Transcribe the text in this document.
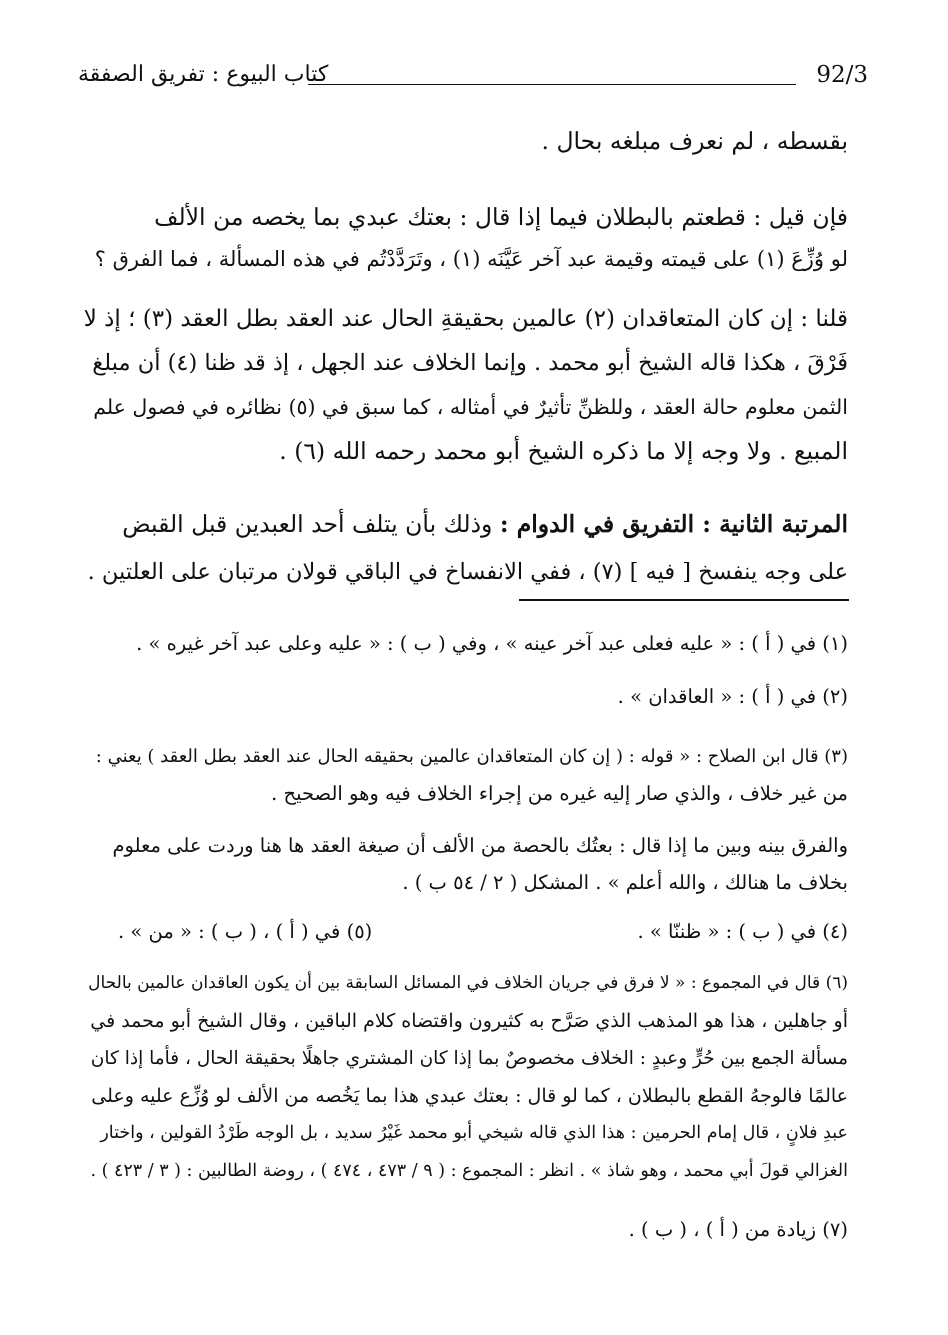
92/3
كتاب البيوع : تفريق الصفقة
بقسطه ، لم نعرف مبلغه بحال .
فإن قيل : قطعتم بالبطلان فيما إذا قال : بعتك عبدي بما يخصه من الألف
لو وُزِّعَ (١) على قيمته وقيمة عبد آخر عَيَّنَه (١) ، وتَرَدَّدْتُم في هذه المسألة ، فما الفرق ؟
قلنا : إن كان المتعاقدان (٢) عالمين بحقيقةِ الحال عند العقد بطل العقد (٣) ؛ إذ لا
فَرْقَ ، هكذا قاله الشيخ أبو محمد . وإنما الخلاف عند الجهل ، إذ قد ظنا (٤) أن مبلغ
الثمن معلوم حالة العقد ، وللظنِّ تأثيرٌ في أمثاله ، كما سبق في (٥) نظائره في فصول علم
المبيع . ولا وجه إلا ما ذكره الشيخ أبو محمد رحمه الله (٦) .
المرتبة الثانية : التفريق في الدوام : وذلك بأن يتلف أحد العبدين قبل القبض
على وجه ينفسخ [ فيه ] (٧) ، ففي الانفساخ في الباقي قولان مرتبان على العلتين .
(١) في ( أ ) : « عليه فعلى عبد آخر عينه » ، وفي ( ب ) : « عليه وعلى عبد آخر غيره » .
(٢) في ( أ ) : « العاقدان » .
(٣) قال ابن الصلاح : « قوله : ( إن كان المتعاقدان عالمين بحقيقه الحال عند العقد بطل العقد ) يعني :
من غير خلاف ، والذي صار إليه غيره من إجراء الخلاف فيه وهو الصحيح .
والفرق بينه وبين ما إذا قال : بعتُك بالحصة من الألف أن صيغة العقد ها هنا وردت على معلوم
بخلاف ما هنالك ، والله أعلم » . المشكل ( ٢ / ٥٤ ب ) .
(٤) في ( ب ) : « ظننّا » .
(٥) في ( أ ) ، ( ب ) : « من » .
(٦) قال في المجموع : « لا فرق في جريان الخلاف في المسائل السابقة بين أن يكون العاقدان عالمين بالحال
أو جاهلين ، هذا هو المذهب الذي صَرَّح به كثيرون واقتضاه كلام الباقين ، وقال الشيخ أبو محمد في
مسألة الجمع بين حُرٍّ وعبدٍ : الخلاف مخصوصٌ بما إذا كان المشتري جاهلًا بحقيقة الحال ، فأما إذا كان
عالمًا فالوجهُ القطع بالبطلان ، كما لو قال : بعتك عبدي هذا بما يَخُصه من الألف لو وُزِّع عليه وعلى
عبدِ فلانٍ ، قال إمام الحرمين : هذا الذي قاله شيخي أبو محمد غَيْرُ سديد ، بل الوجه طَرْدُ القولين ، واختار
الغزالي قولَ أبي محمد ، وهو شاذ » . انظر : المجموع : ( ٩ / ٤٧٣ ، ٤٧٤ ) ، روضة الطالبين : ( ٣ / ٤٢٣ ) .
(٧) زيادة من ( أ ) ، ( ب ) .
